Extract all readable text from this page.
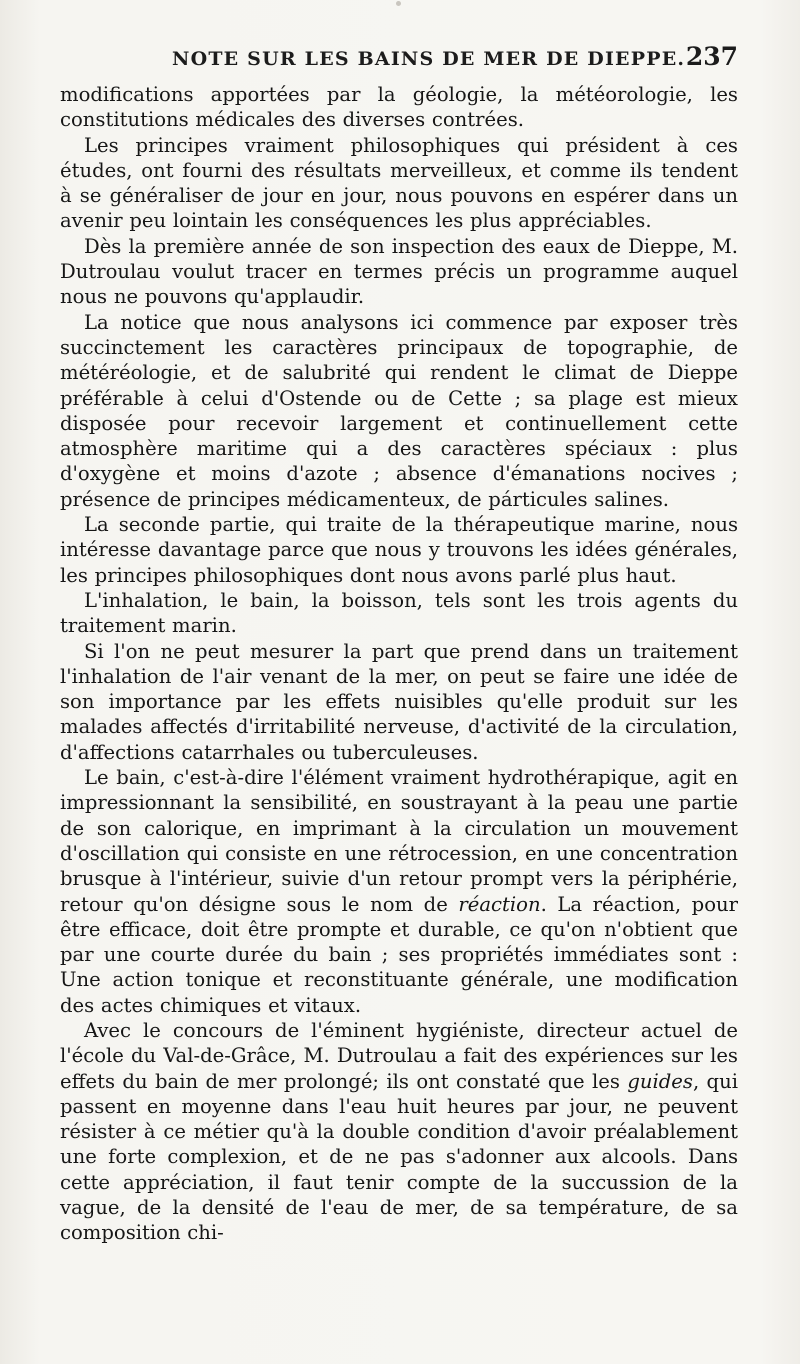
NOTE SUR LES BAINS DE MER DE DIEPPE. 237

modifications apportées par la géologie, la météorologie, les constitutions médicales des diverses contrées.

Les principes vraiment philosophiques qui président à ces études, ont fourni des résultats merveilleux, et comme ils tendent à se généraliser de jour en jour, nous pouvons en espérer dans un avenir peu lointain les conséquences les plus appréciables.

Dès la première année de son inspection des eaux de Dieppe, M. Dutroulau voulut tracer en termes précis un programme auquel nous ne pouvons qu'applaudir.

La notice que nous analysons ici commence par exposer très succinctement les caractères principaux de topographie, de météréologie, et de salubrité qui rendent le climat de Dieppe préférable à celui d'Ostende ou de Cette ; sa plage est mieux disposée pour recevoir largement et continuellement cette atmosphère maritime qui a des caractères spéciaux : plus d'oxygène et moins d'azote ; absence d'émanations nocives ; présence de principes médicamenteux, de párticules salines.

La seconde partie, qui traite de la thérapeutique marine, nous intéresse davantage parce que nous y trouvons les idées générales, les principes philosophiques dont nous avons parlé plus haut.

L'inhalation, le bain, la boisson, tels sont les trois agents du traitement marin.

Si l'on ne peut mesurer la part que prend dans un traitement l'inhalation de l'air venant de la mer, on peut se faire une idée de son importance par les effets nuisibles qu'elle produit sur les malades affectés d'irritabilité nerveuse, d'activité de la circulation, d'affections catarrhales ou tuberculeuses.

Le bain, c'est-à-dire l'élément vraiment hydrothérapique, agit en impressionnant la sensibilité, en soustrayant à la peau une partie de son calorique, en imprimant à la circulation un mouvement d'oscillation qui consiste en une rétrocession, en une concentration brusque à l'intérieur, suivie d'un retour prompt vers la périphérie, retour qu'on désigne sous le nom de réaction. La réaction, pour être efficace, doit être prompte et durable, ce qu'on n'obtient que par une courte durée du bain ; ses propriétés immédiates sont : Une action tonique et reconstituante générale, une modification des actes chimiques et vitaux.

Avec le concours de l'éminent hygiéniste, directeur actuel de l'école du Val-de-Grâce, M. Dutroulau a fait des expériences sur les effets du bain de mer prolongé; ils ont constaté que les guides, qui passent en moyenne dans l'eau huit heures par jour, ne peuvent résister à ce métier qu'à la double condition d'avoir préalablement une forte complexion, et de ne pas s'adonner aux alcools. Dans cette appréciation, il faut tenir compte de la succussion de la vague, de la densité de l'eau de mer, de sa température, de sa composition chi-
